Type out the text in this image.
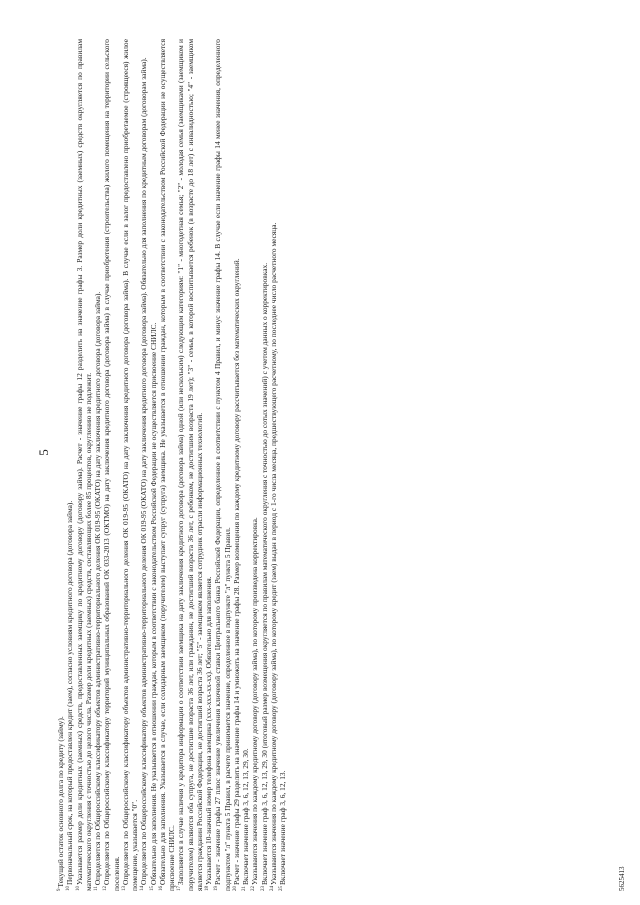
5

$^9$Текущий остаток основного долга по кредиту (займу).

$^{10}$Первоначальный срок, на который предоставлен кредит (заем), согласно условиям кредитного договора (договора займа).

$^{10}$Указывается размер доли кредитных (заемных) средств, предоставленных заемщику по кредитному договору (договору займа). Расчет - значение графы 12 разделить на значение графы 3. Размер доли кредитных (заемных) средств округляется по правилам математического округления с точностью до целого числа. Размер доли кредитных (заемных) средств, составляющих более 85 процентов, округлению не подлежит. $^{11}$Определяется по Общероссийскому классификатору объектов административно-территориального деления ОК 019-95 (ОКАТО) на дату заключения кредитного договора (договора займа).

$^{12}$Определяется по Общероссийскому классификатору территорий муниципальных образований ОК 033-2013 (ОКТМО) на дату заключения кредитного договора (договора займа) в случае приобретения (строительства) жилого помещения на территории сельского поселения. $^{13}$Определяется по Общероссийскому классификатору объектов административно-территориального деления ОК 019-95 (ОКАТО) на дату заключения кредитного договора (договора займа). В случае если в залог предоставлено приобретаемое (строящееся) жилое помещение, указывается "0". $^{14}$Определяется по Общероссийскому классификатору объектов административно-территориального деления ОК 019-95 (ОКАТО) на дату заключения кредитного договора (договора займа). Обязательно для заполнения по кредитным договорам (договорам займа).

$^{15}$Обязательно для заполнения. Не указывается в отношении граждан, которым в соответствии с законодательством Российской Федерации не осуществляется присвоение СНИЛС.

$^{16}$Обязательно для заполнения. Указывается в случае, если солидарным заемщиком (поручителем) выступает супруг (супруга) заемщика. Не указывается в отношении граждан, которым в соответствии с законодательством Российской Федерации не осуществляется присвоение СНИЛС. $^{17}$Заполняется в случае наличия у кредитора информации о соответствии заемщика на дату заключения кредитного договора (договора займа) одной (или нескольким) следующим категориям: "1" - многодетная семья; "2" - молодая семья (заемщиками (заемщиком и поручителем) являются оба супруга, не достигшие возраста 36 лет, или гражданин, не достигший возраста 36 лет, с ребенком, не достигшим возраста 19 лет); "3" - семья, в которой воспитывается ребенок (в возрасте до 18 лет) с инвалидностью; "4" - заемщиком является гражданин Российской Федерации, не достигший возраста 36 лет; "5" - заемщиком является сотрудник отрасли информационных технологий. $^{18}$Указывается 10-значный номер телефона заемщика (ххх-ххх-хх-хх). Обязательно для заполнения.

$^{19}$Расчет - значение графы 27 плюс значение увеличения ключевой ставки Центрального банка Российской Федерации, определенное в соответствии с пунктом 4 Правил, и минус значение графы 14. В случае если значение графы 14 менее значения, определенного подпунктом "л" пункта 5 Правил, в расчете принимается значение, определенное в подпункте "л" пункта 5 Правил. $^{20}$Расчет - значение графы 29 разделить на значение графы 14 и умножить на значение графы 28. Размер возмещения по каждому кредитному договору рассчитывается без математических округлений.

$^{21}$Включает значение граф 3, 6, 12, 13, 29, 30.

$^{22}$Указываются значения по каждому кредитному договору (договору займа), по которому произведена корректировка.

$^{23}$Включает значение граф 3, 6, 12, 13, 29, 30 (итоговый размер возмещения округляется по правилам математического округления с точностью до сотых значений) с учетом данных о корректировках.

$^{24}$Указываются значения по каждому кредитному договору (договору займа), по которому кредит (заем) выдан в период с 1-го числа месяца, предшествующего расчетному, по последнее число расчетного месяца.

$^{25}$Включает значение граф 3, 6, 12, 13.	5625413
